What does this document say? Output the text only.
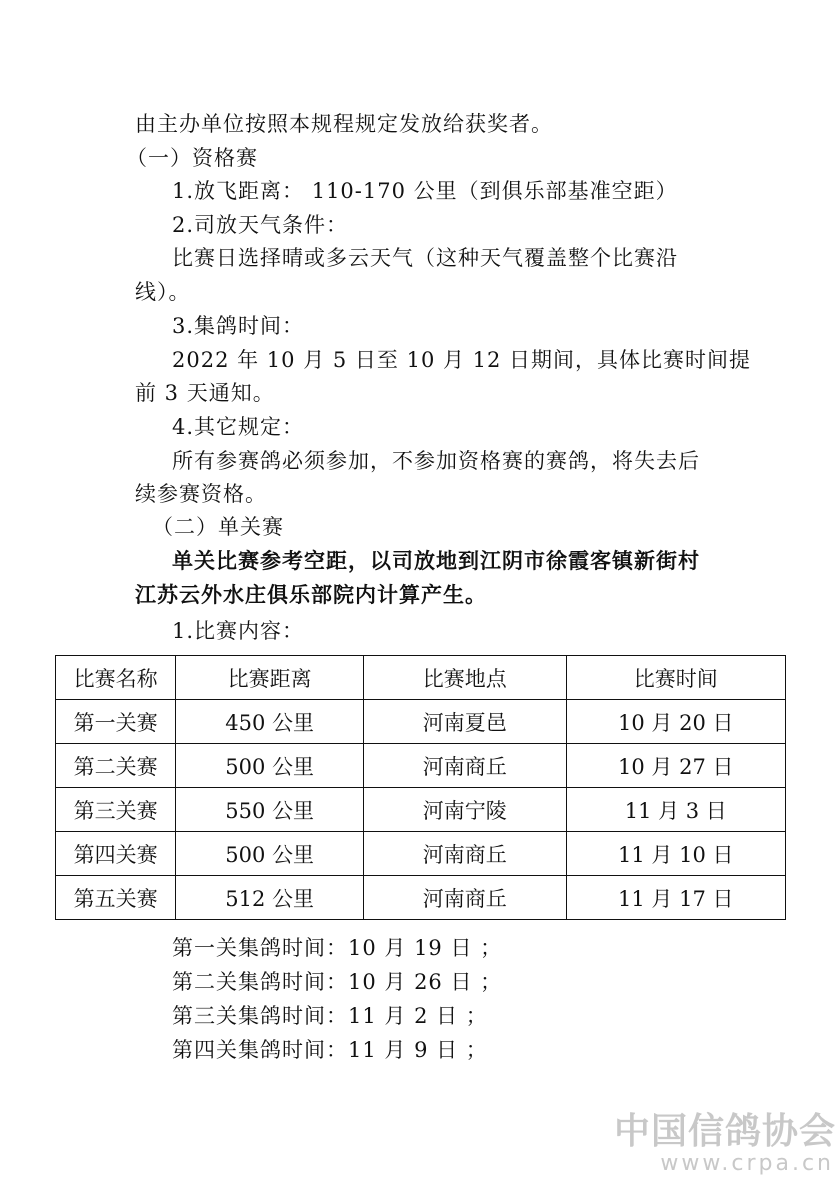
由主办单位按照本规程规定发放给获奖者。
（一）资格赛
1.放飞距离： 110-170 公里（到俱乐部基准空距）
2.司放天气条件：
比赛日选择晴或多云天气（这种天气覆盖整个比赛沿
线）。
3.集鸽时间：
2022 年 10 月 5 日至 10 月 12 日期间，具体比赛时间提
前 3 天通知。
4.其它规定：
所有参赛鸽必须参加，不参加资格赛的赛鸽，将失去后
续参赛资格。
（二）单关赛
单关比赛参考空距，以司放地到江阴市徐霞客镇新街村
江苏云外水庄俱乐部院内计算产生。
1.比赛内容：
比赛名称	比赛距离	比赛地点	比赛时间
第一关赛	450 公里	河南夏邑	10 月 20 日
第二关赛	500 公里	河南商丘	10 月 27 日
第三关赛	550 公里	河南宁陵	11 月 3 日
第四关赛	500 公里	河南商丘	11 月 10 日
第五关赛	512 公里	河南商丘	11 月 17 日
第一关集鸽时间：10 月 19 日 ；
第二关集鸽时间：10 月 26 日 ；
第三关集鸽时间：11 月 2 日 ；
第四关集鸽时间：11 月 9 日 ；
中国信鸽协会
www.crpa.cn
